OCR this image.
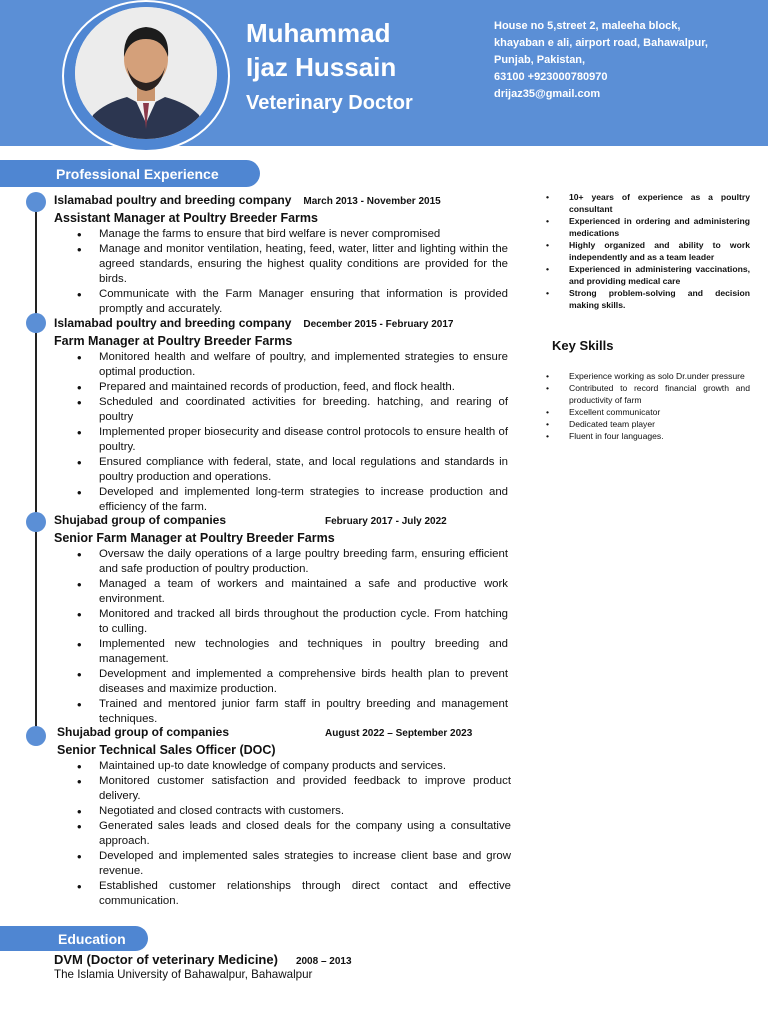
Muhammad
Ijaz Hussain
Veterinary Doctor
House no 5,street 2, maleeha block,
khayaban e ali, airport road, Bahawalpur,
Punjab, Pakistan,
63100 +923000780970
drijaz35@gmail.com
Professional Experience
Islamabad poultry and breeding company March 2013 - November 2015
Assistant Manager at Poultry Breeder Farms
• Manage the farms to ensure that bird welfare is never compromised
• Manage and monitor ventilation, heating, feed, water, litter and lighting within the agreed standards, ensuring the highest quality conditions are provided for the birds.
• Communicate with the Farm Manager ensuring that information is provided promptly and accurately.
Islamabad poultry and breeding company December 2015 - February 2017
Farm Manager at Poultry Breeder Farms
• Monitored health and welfare of poultry, and implemented strategies to ensure optimal production.
• Prepared and maintained records of production, feed, and flock health.
• Scheduled and coordinated activities for breeding. hatching, and rearing of poultry
• Implemented proper biosecurity and disease control protocols to ensure health of poultry.
• Ensured compliance with federal, state, and local regulations and standards in poultry production and operations.
• Developed and implemented long-term strategies to increase production and efficiency of the farm.
Shujabad group of companies	February 2017 - July 2022
Senior Farm Manager at Poultry Breeder Farms
• Oversaw the daily operations of a large poultry breeding farm, ensuring efficient and safe production of poultry production.
• Managed a team of workers and maintained a safe and productive work environment.
• Monitored and tracked all birds throughout the production cycle. From hatching to culling.
• Implemented new technologies and techniques in poultry breeding and management.
• Development and implemented a comprehensive birds health plan to prevent diseases and maximize production.
• Trained and mentored junior farm staff in poultry breeding and management techniques.
Shujabad group of companies	August 2022 – September 2023
Senior Technical Sales Officer (DOC)
• Maintained up-to date knowledge of company products and services.
• Monitored customer satisfaction and provided feedback to improve product delivery.
• Negotiated and closed contracts with customers.
• Generated sales leads and closed deals for the company using a consultative approach.
• Developed and implemented sales strategies to increase client base and grow revenue.
• Established customer relationships through direct contact and effective communication.
• 10+ years of experience as a poultry consultant
• Experienced in ordering and administering medications
• Highly organized and ability to work independently and as a team leader
• Experienced in administering vaccinations, and providing medical care
• Strong problem-solving and decision making skills.
Key Skills
• Experience working as solo Dr.under pressure
• Contributed to record financial growth and productivity of farm
• Excellent communicator
• Dedicated team player
• Fluent in four languages.
Education
DVM (Doctor of veterinary Medicine) 2008 – 2013
The Islamia University of Bahawalpur, Bahawalpur
